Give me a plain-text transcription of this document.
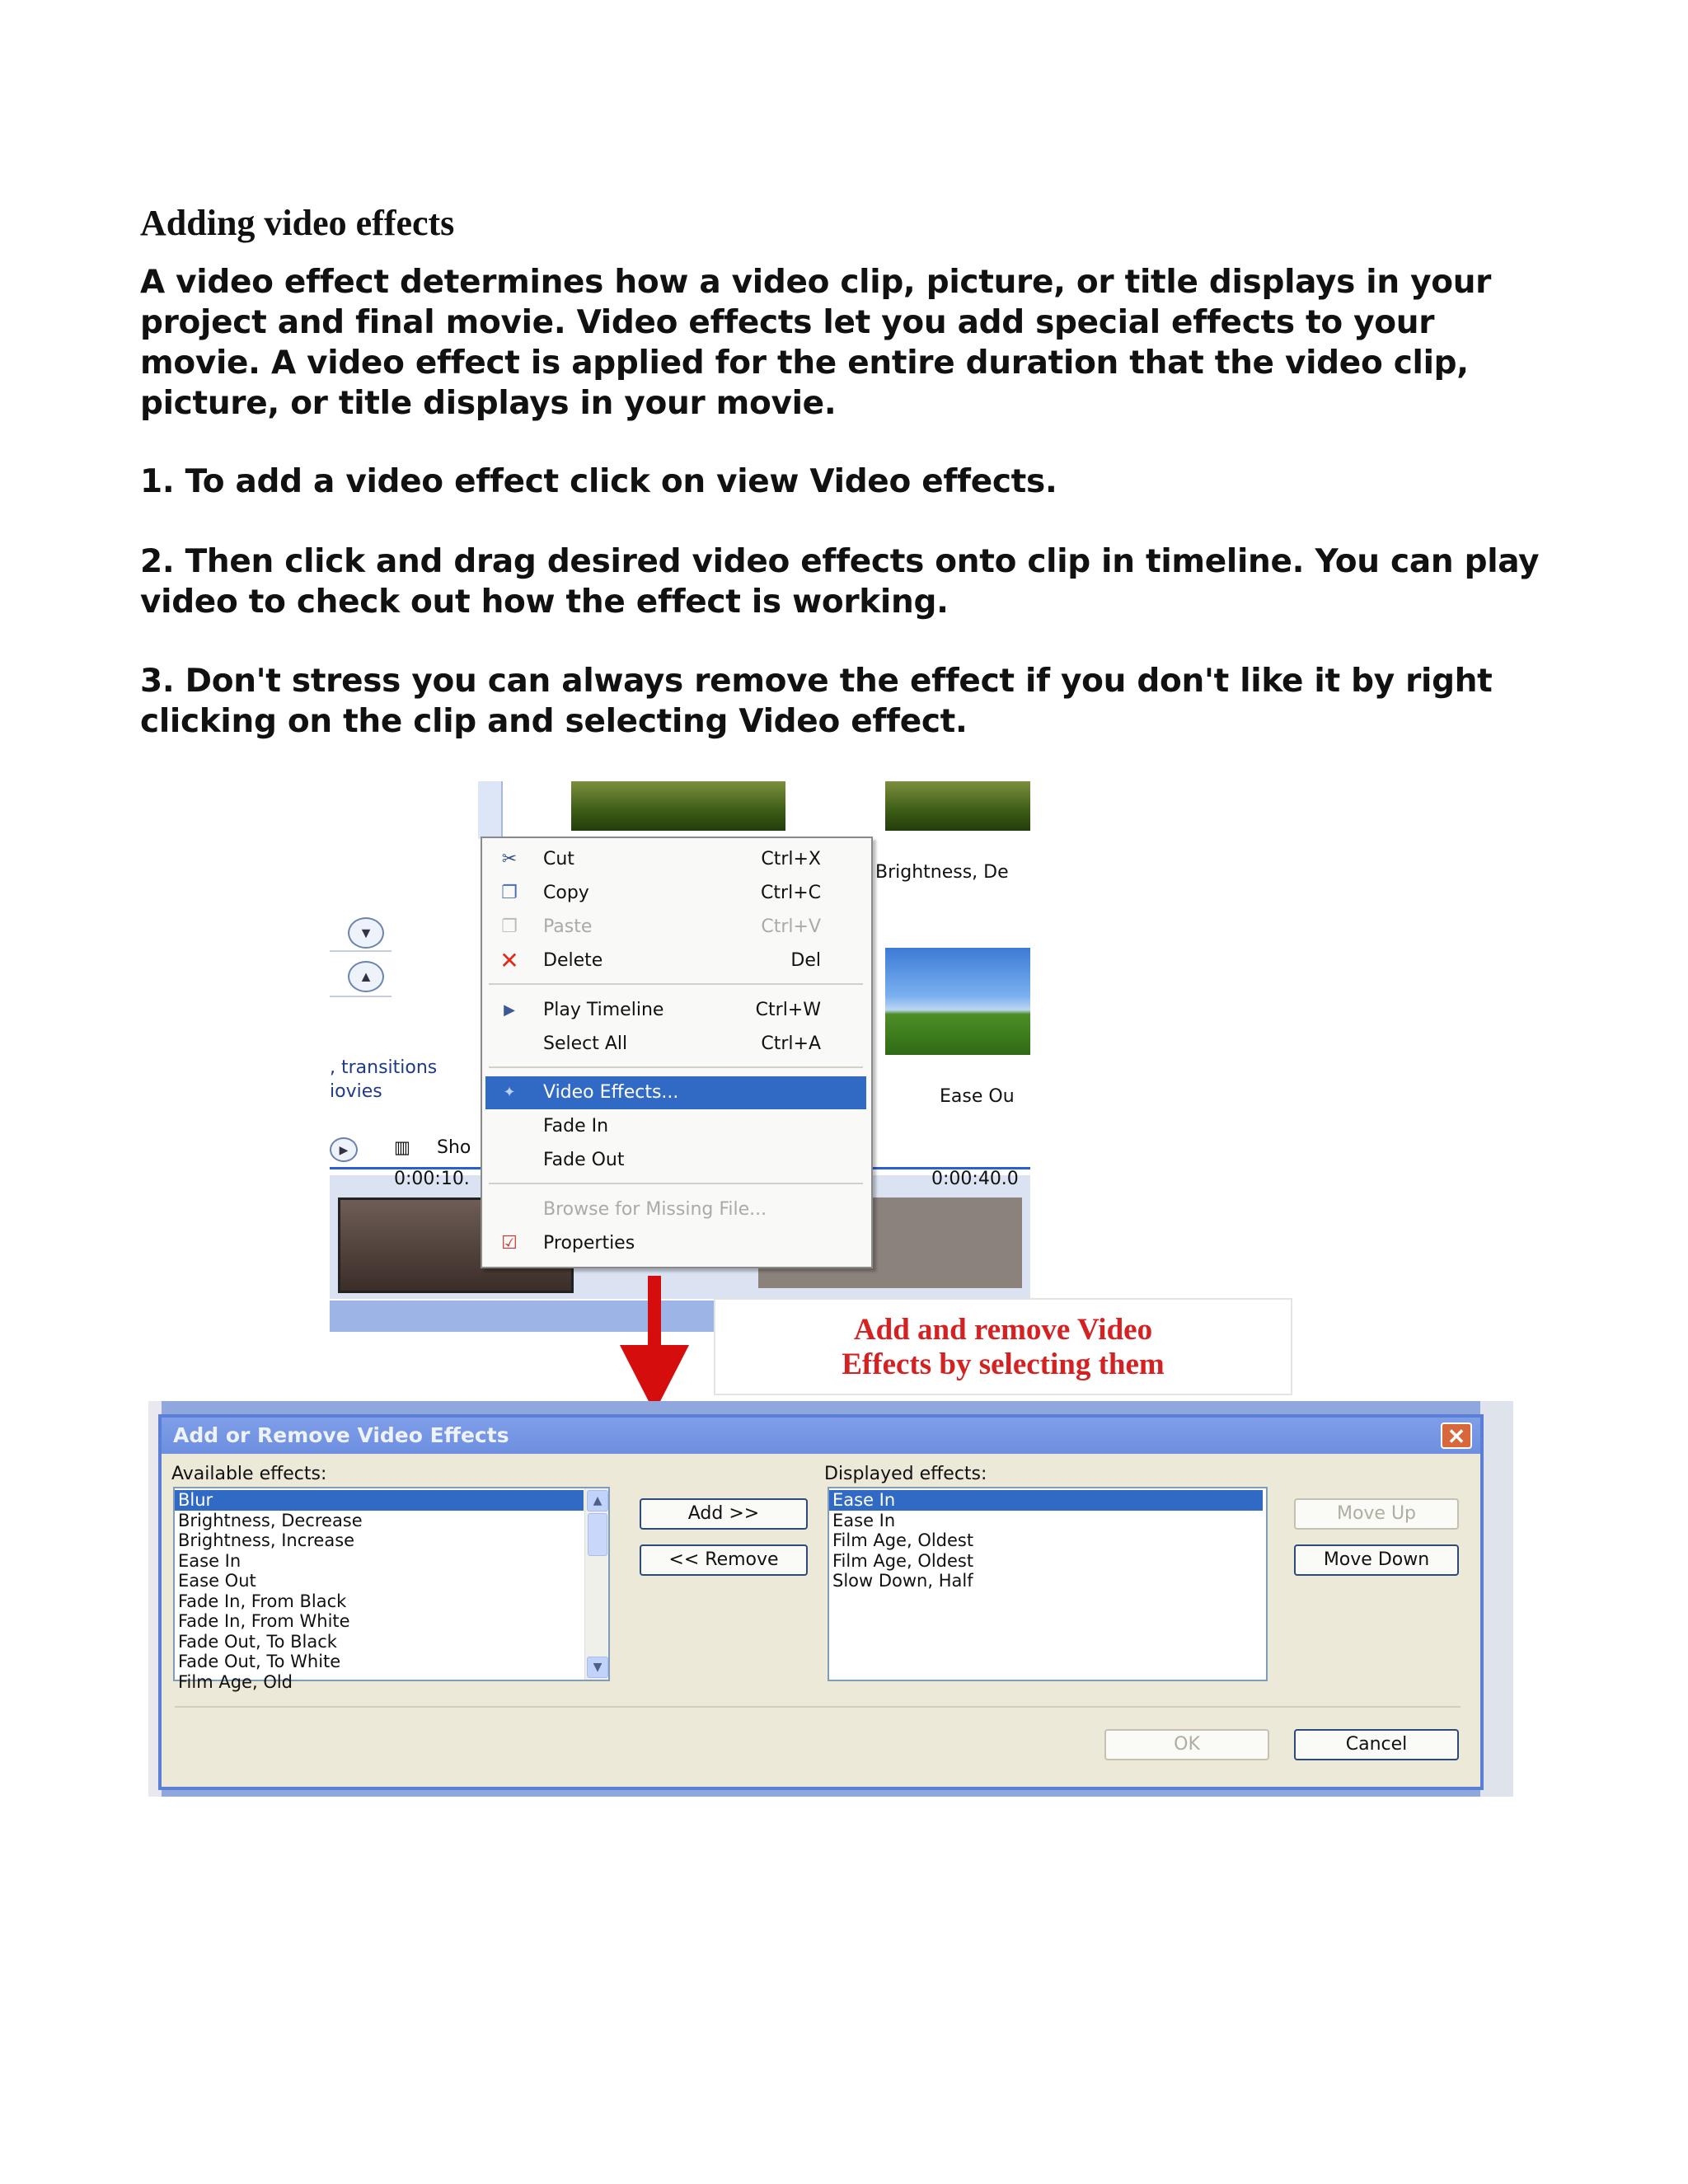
Adding video effects

A video effect determines how a video clip, picture, or title displays in your project and final movie. Video effects let you add special effects to your movie. A video effect is applied for the entire duration that the video clip, picture, or title displays in your movie.

1. To add a video effect click on view Video effects.

2. Then click and drag desired video effects onto clip in timeline. You can play video to check out how the effect is working.

3. Don't stress you can always remove the effect if you don't like it by right clicking on the clip and selecting Video effect.

Brightness, De
Ease Ou
▼
▲
, transitions
iovies
▶	▥ Sho
0:00:10.	0:00:40.0
✂ Cut	Ctrl+X
❐ Copy	Ctrl+C
❐ Paste	Ctrl+V
✕ Delete	Del
▶ Play Timeline	Ctrl+W
Select All	Ctrl+A
✦ Video Effects...
Fade In
Fade Out
Browse for Missing File...
☑ Properties
Add and remove Video
Effects by selecting them
Add or Remove Video Effects	✕
Available effects:	Displayed effects:
Blur
Brightness, Decrease
Brightness, Increase
Ease In
Ease Out
Fade In, From Black
Fade In, From White
Fade Out, To Black
Fade Out, To White
Film Age, Old
▲
▼
Add >>
<< Remove
Ease In
Ease In
Film Age, Oldest
Film Age, Oldest
Slow Down, Half
Move Up
Move Down
OK	Cancel
